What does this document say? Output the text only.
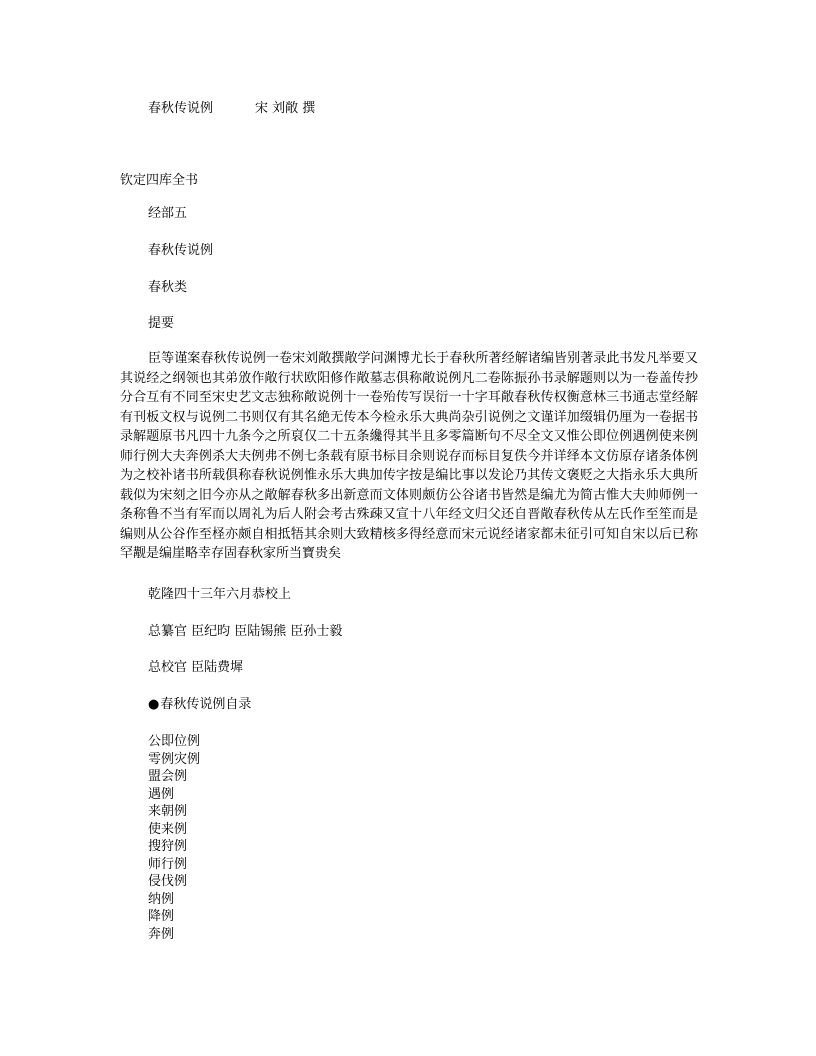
春秋传说例	宋 刘敞 撰
钦定四库全书
经部五
春秋传说例
春秋类
提要

臣等谨案春秋传说例一卷宋刘敞撰敞学问渊博尤长于春秋所著经解诸编皆别著录此书发凡举要又其说经之纲领也其弟攽作敞行状欧阳修作敞墓志俱称敞说例凡二卷陈振孙书录解题则以为一卷盖传抄分合互有不同至宋史艺文志独称敞说例十一卷殆传写误衍一十字耳敞春秋传权衡意林三书通志堂经解有刊板文权与说例二书则仅有其名絶无传本今检永乐大典尚杂引说例之文谨详加缀辑仍厘为一卷据书录解题原书凡四十九条今之所裒仅二十五条纔得其半且多零篇断句不尽全文又惟公即位例遇例使来例师行例大夫奔例杀大夫例弗不例七条载有原书标目余则说存而标目复佚今并详绎本文仿原存诸条体例为之校补诸书所载俱称春秋说例惟永乐大典加传字按是编比事以发论乃其传文褒贬之大指永乐大典所载似为宋刻之旧今亦从之敞解春秋多出新意而文体则颇仿公谷诸书皆然是编尤为简古惟大夫帅师例一条称鲁不当有军而以周礼为后人附会考古殊疎又宣十八年经文归父还自晋敞春秋传从左氏作至笙而是编则从公谷作至柽亦颇自相抵牾其余则大致精核多得经意而宋元说经诸家都未征引可知自宋以后已称罕觏是编崖略幸存固春秋家所当寶贵矣

乾隆四十三年六月恭校上
总纂官 臣纪昀 臣陆锡熊 臣孙士毅
总校官 臣陆费墀
●春秋传说例自录
公即位例
雩例灾例
盟会例
遇例
来朝例
使来例
搜狩例
师行例
侵伐例
纳例
降例
奔例
